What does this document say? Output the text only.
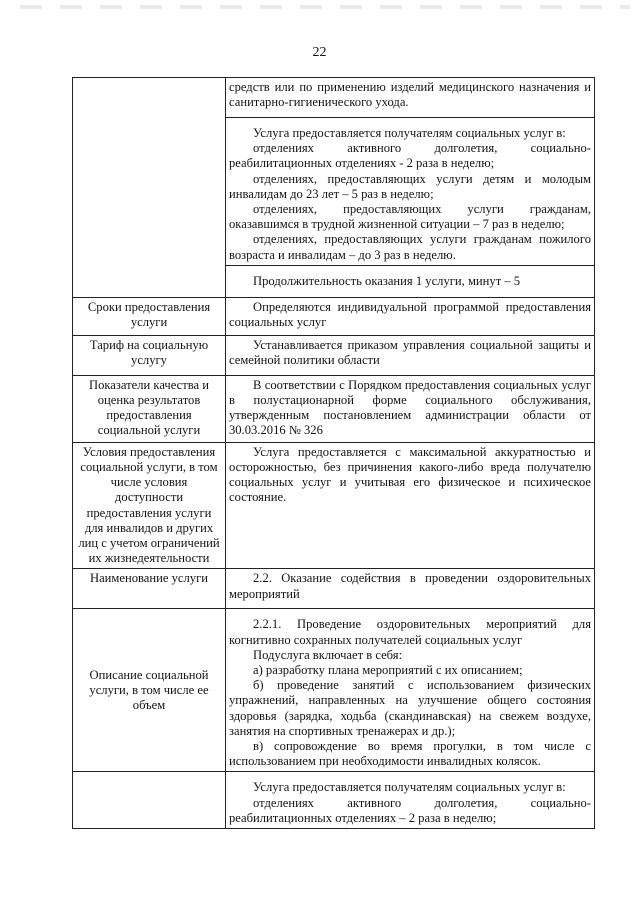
22

	средств или по применению изделий медицинского назначения и санитарно-гигиенического ухода.

	Услуга предоставляется получателям социальных услуг в:

отделениях активного долголетия, социально-реабилитационных отделениях - 2 раза в неделю;

отделениях, предоставляющих услуги детям и молодым инвалидам до 23 лет – 5 раз в неделю;

отделениях, предоставляющих услуги гражданам, оказавшимся в трудной жизненной ситуации – 7 раз в неделю;

отделениях, предоставляющих услуги гражданам пожилого возраста и инвалидам – до 3 раз в неделю.

	Продолжительность оказания 1 услуги, минут – 5

Сроки предоставления услуги	Определяются индивидуальной программой предоставления социальных услуг

Тариф на социальную услугу	Устанавливается приказом управления социальной защиты и семейной политики области

Показатели качества и оценка результатов предоставления социальной услуги	В соответствии с Порядком предоставления социальных услуг в полустационарной форме социального обслуживания, утвержденным постановлением администрации области от 30.03.2016 № 326

Условия предоставления социальной услуги, в том числе условия доступности предоставления услуги для инвалидов и других лиц с учетом ограничений их жизнедеятельности	Услуга предоставляется с максимальной аккуратностью и осторожностью, без причинения какого-либо вреда получателю социальных услуг и учитывая его физическое и психическое состояние.

Наименование услуги	2.2. Оказание содействия в проведении оздоровительных мероприятий

Описание социальной услуги, в том числе ее объем	2.2.1. Проведение оздоровительных мероприятий для когнитивно сохранных получателей социальных услуг

Подуслуга включает в себя:

а) разработку плана мероприятий с их описанием;

б) проведение занятий с использованием физических упражнений, направленных на улучшение общего состояния здоровья (зарядка, ходьба (скандинавская) на свежем воздухе, занятия на спортивных тренажерах и др.);

в) сопровождение во время прогулки, в том числе с использованием при необходимости инвалидных колясок.

	Услуга предоставляется получателям социальных услуг в:

отделениях активного долголетия, социально-реабилитационных отделениях – 2 раза в неделю;
